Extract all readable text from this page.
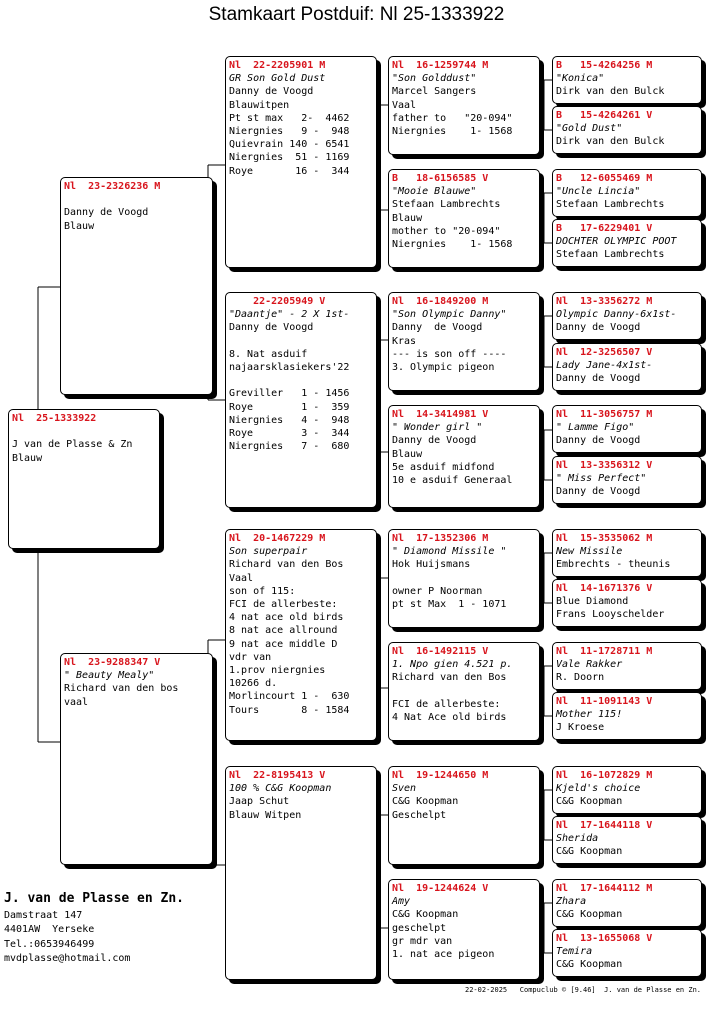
Stamkaart Postduif: Nl 25-1333922
Nl  25-1333922
J van de Plasse & Zn
Blauw
Nl  23-2326236 M
Danny de Voogd
Blauw
Nl  23-9288347 V
" Beauty Mealy"
Richard van den bos
vaal
Nl  22-2205901 M
GR Son Gold Dust
Danny de Voogd
Blauwitpen
Pt st max   2-  4462
Niergnies   9 -  948
Quievrain 140 - 6541
Niergnies  51 - 1169
Roye       16 -  344
22-2205949 V
"Daantje" - 2 X 1st-
Danny de Voogd
8. Nat asduif
najaarsklasiekers'22
Greviller   1 - 1456
Roye        1 -  359
Niergnies   4 -  948
Roye        3 -  344
Niergnies   7 -  680
Nl  20-1467229 M
Son superpair
Richard van den Bos
Vaal
son of 115:
FCI de allerbeste:
4 nat ace old birds
8 nat ace allround
9 nat ace middle D
vdr van
1.prov niergnies
10266 d.
Morlincourt 1 -  630
Tours       8 - 1584
Nl  22-8195413 V
100 % C&G Koopman
Jaap Schut
Blauw Witpen
Nl  16-1259744 M
"Son Golddust"
Marcel Sangers
Vaal
father to   "20-094"
Niergnies    1- 1568
B   18-6156585 V
"Mooie Blauwe"
Stefaan Lambrechts
Blauw
mother to "20-094"
Niergnies    1- 1568
Nl  16-1849200 M
"Son Olympic Danny"
Danny  de Voogd
Kras
--- is son off ----
3. Olympic pigeon
Nl  14-3414981 V
" Wonder girl "
Danny de Voogd
Blauw
5e asduif midfond
10 e asduif Generaal
Nl  17-1352306 M
" Diamond Missile "
Hok Huijsmans
owner P Noorman
pt st Max  1 - 1071
Nl  16-1492115 V
1. Npo gien 4.521 p.
Richard van den Bos
FCI de allerbeste:
4 Nat Ace old birds
Nl  19-1244650 M
Sven
C&G Koopman
Geschelpt
Nl  19-1244624 V
Amy
C&G Koopman
geschelpt
gr mdr van
1. nat ace pigeon
B   15-4264256 M
"Konica"
Dirk van den Bulck
B   15-4264261 V
"Gold Dust"
Dirk van den Bulck
B   12-6055469 M
"Uncle Lincia"
Stefaan Lambrechts
B   17-6229401 V
DOCHTER OLYMPIC POOT
Stefaan Lambrechts
Nl  13-3356272 M
Olympic Danny-6x1st-
Danny de Voogd
Nl  12-3256507 V
Lady Jane-4x1st-
Danny de Voogd
Nl  11-3056757 M
" Lamme Figo"
Danny de Voogd
Nl  13-3356312 V
" Miss Perfect"
Danny de Voogd
Nl  15-3535062 M
New Missile
Embrechts - theunis
Nl  14-1671376 V
Blue Diamond
Frans Looyschelder
Nl  11-1728711 M
Vale Rakker
R. Doorn
Nl  11-1091143 V
Mother 115!
J Kroese
Nl  16-1072829 M
Kjeld's choice
C&G Koopman
Nl  17-1644118 V
Sherida
C&G Koopman
Nl  17-1644112 M
Zhara
C&G Koopman
Nl  13-1655068 V
Temira
C&G Koopman
J. van de Plasse en Zn.
Damstraat 147
4401AW  Yerseke
Tel.:0653946499
mvdplasse@hotmail.com
22-02-2025   Compuclub © [9.46]  J. van de Plasse en Zn.
